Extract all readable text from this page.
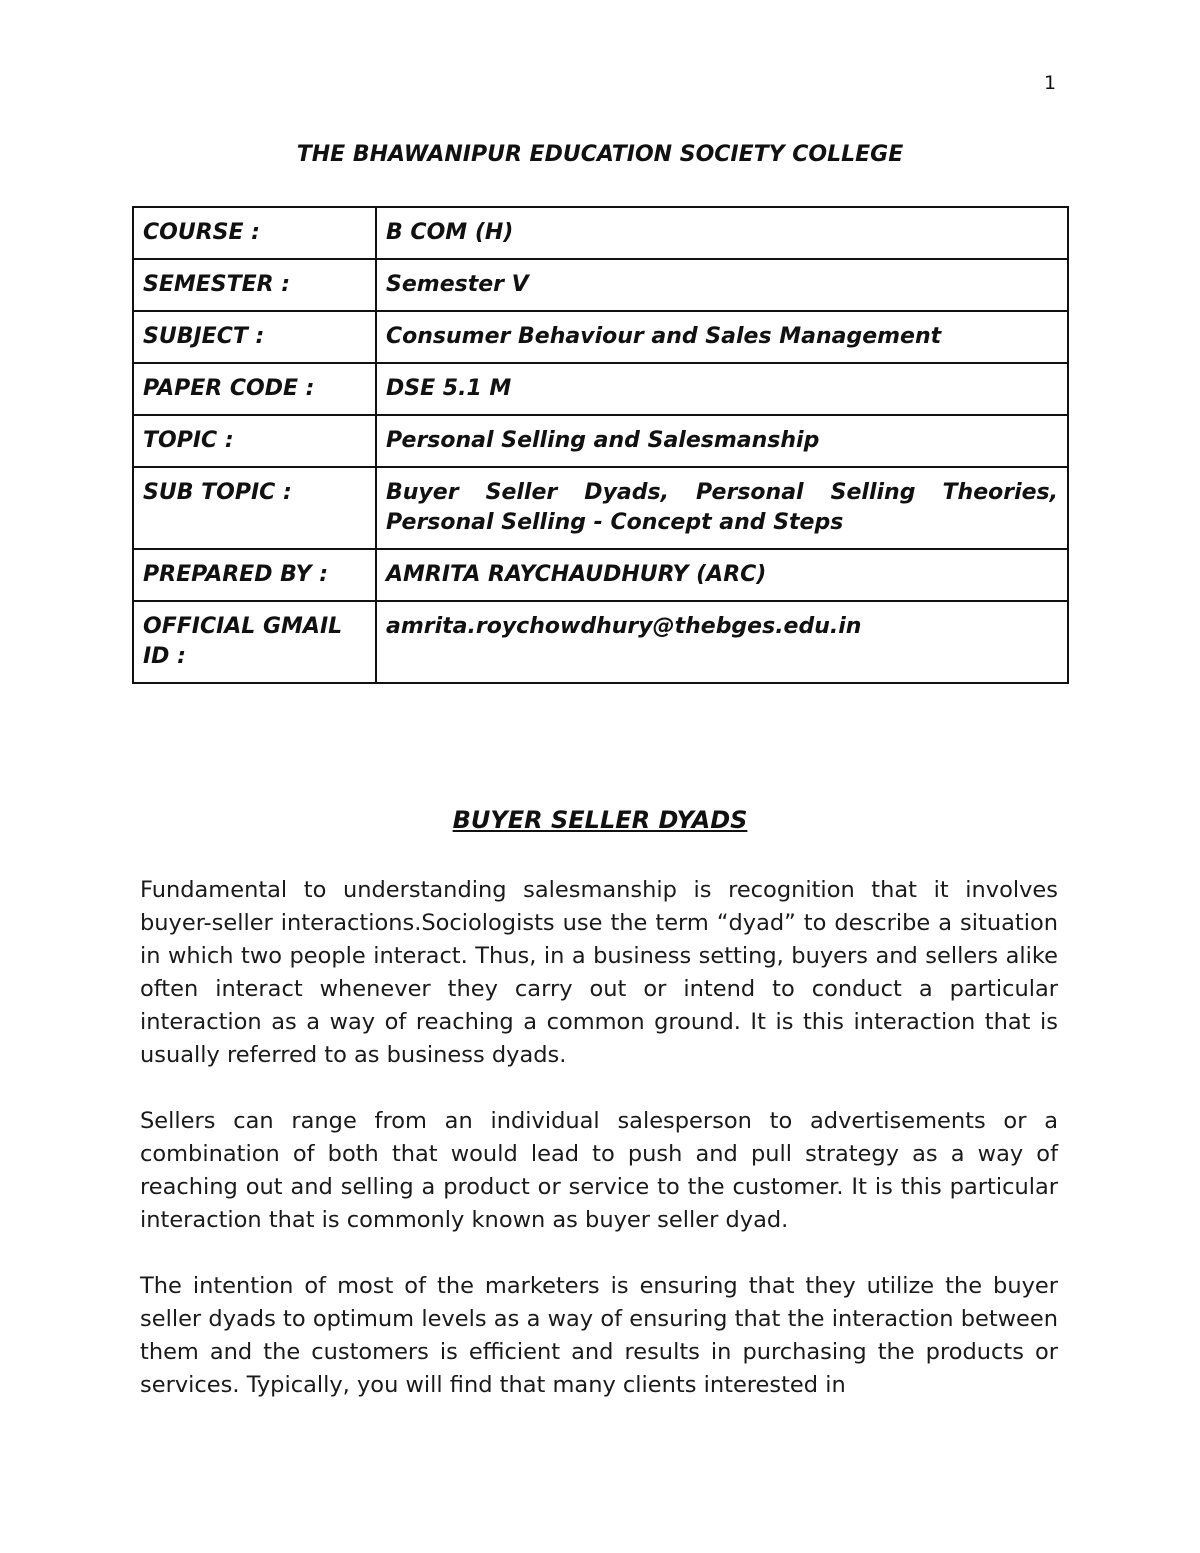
1
THE BHAWANIPUR EDUCATION SOCIETY COLLEGE
COURSE :	B COM (H)
SEMESTER :	Semester V
SUBJECT :	Consumer Behaviour and Sales Management
PAPER CODE :	DSE 5.1 M
TOPIC :	Personal Selling and Salesmanship
SUB TOPIC :	Buyer Seller Dyads, Personal Selling Theories, Personal Selling - Concept and Steps
PREPARED BY :	AMRITA RAYCHAUDHURY (ARC)
OFFICIAL GMAIL ID :	amrita.roychowdhury@thebges.edu.in
BUYER SELLER DYADS

Fundamental to understanding salesmanship is recognition that it involves buyer-seller interactions.Sociologists use the term “dyad” to describe a situation in which two people interact. Thus, in a business setting, buyers and sellers alike often interact whenever they carry out or intend to conduct a particular interaction as a way of reaching a common ground. It is this interaction that is usually referred to as business dyads.

Sellers can range from an individual salesperson to advertisements or a combination of both that would lead to push and pull strategy as a way of reaching out and selling a product or service to the customer. It is this particular interaction that is commonly known as buyer seller dyad.

The intention of most of the marketers is ensuring that they utilize the buyer seller dyads to optimum levels as a way of ensuring that the interaction between them and the customers is efficient and results in purchasing the products or services. Typically, you will find that many clients interested in
